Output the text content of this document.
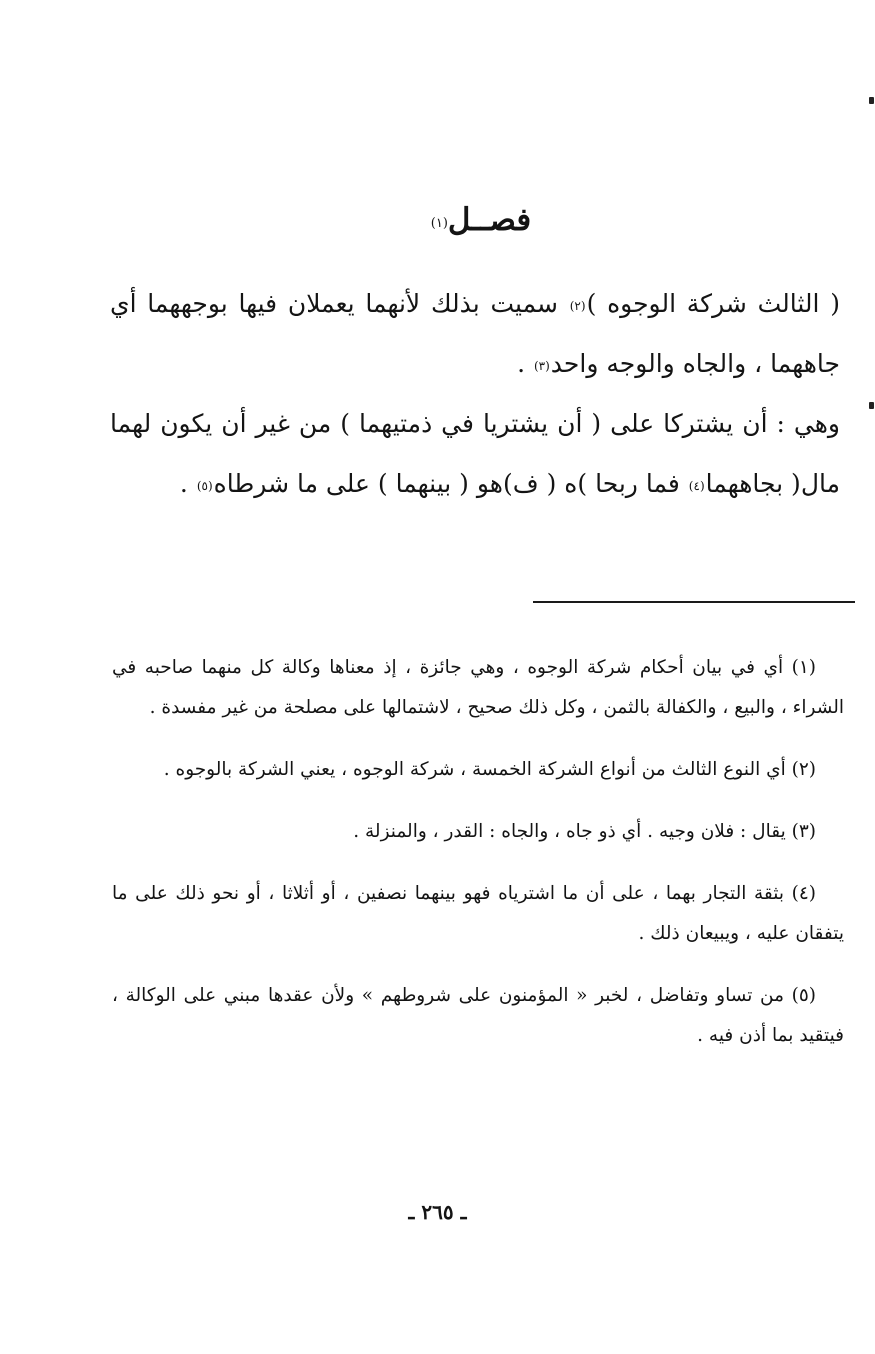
فصــل$^{(١)}$

( الثالث شركة الوجوه )$^{(٢)}$ سميت بذلك لأنهما يعملان فيها بوجههما أي جاههما ، والجاه والوجه واحد$^{(٣)}$ .

وهي : أن يشتركا على ( أن يشتريا في ذمتيهما ) من غير أن يكون لهما مال( بجاههما$^{(٤)}$ فما ربحا )ه ( ف)هو ( بينهما ) على ما شرطاه$^{(٥)}$ .

(١) أي في بيان أحكام شركة الوجوه ، وهي جائزة ، إذ معناها وكالة كل منهما صاحبه في الشراء ، والبيع ، والكفالة بالثمن ، وكل ذلك صحيح ، لاشتمالها على مصلحة من غير مفسدة .

(٢) أي النوع الثالث من أنواع الشركة الخمسة ، شركة الوجوه ، يعني الشركة بالوجوه .

(٣) يقال : فلان وجيه . أي ذو جاه ، والجاه : القدر ، والمنزلة .

(٤) بثقة التجار بهما ، على أن ما اشترياه فهو بينهما نصفين ، أو أثلاثا ، أو نحو ذلك على ما يتفقان عليه ، ويبيعان ذلك .

(٥) من تساو وتفاضل ، لخبر « المؤمنون على شروطهم » ولأن عقدها مبني على الوكالة ، فيتقيد بما أذن فيه .

ـ ٢٦٥ ـ
